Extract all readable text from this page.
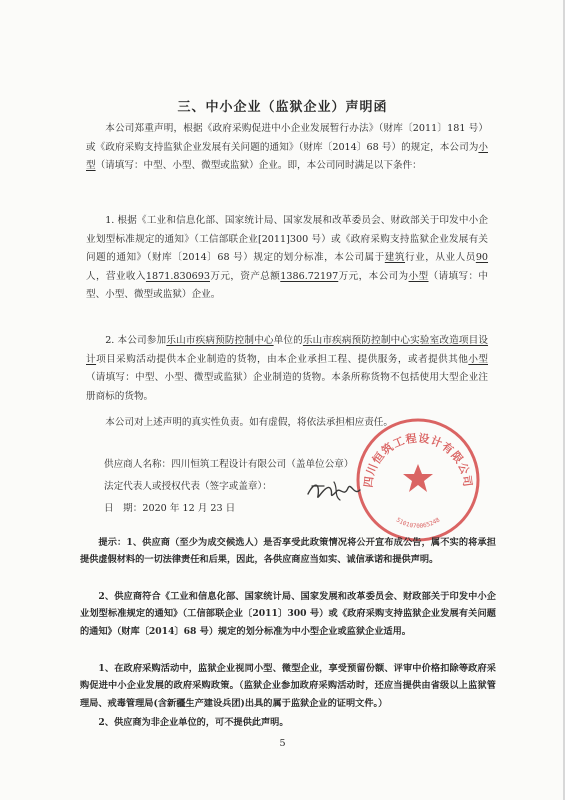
三、中小企业（监狱企业）声明函
本公司郑重声明，根据《政府采购促进中小企业发展暂行办法》（财库〔2011〕181 号）或《政府采购支持监狱企业发展有关问题的通知》（财库〔2014〕68 号）的规定，本公司为小型（请填写：中型、小型、微型或监狱）企业。即，本公司同时满足以下条件：
1. 根据《工业和信息化部、国家统计局、国家发展和改革委员会、财政部关于印发中小企业划型标准规定的通知》（工信部联企业[2011]300 号）或《政府采购支持监狱企业发展有关问题的通知》（财库〔2014〕68 号）规定的划分标准，本公司属于建筑行业，从业人员90人，营业收入1871.830693万元，资产总额1386.72197万元，本公司为小型（请填写：中型、小型、微型或监狱）企业。
2. 本公司参加乐山市疾病预防控制中心单位的乐山市疾病预防控制中心实验室改造项目设计项目采购活动提供本企业制造的货物，由本企业承担工程、提供服务，或者提供其他小型（请填写：中型、小型、微型或监狱）企业制造的货物。本条所称货物不包括使用大型企业注册商标的货物。
本公司对上述声明的真实性负责。如有虚假，将依法承担相应责任。
供应商人名称：四川恒筑工程设计有限公司（盖单位公章）
法定代表人或授权代表（签字或盖章）：
日　期：2020 年 12 月 23 日
四川恒筑工程设计有限公司
5101070065248
提示：1、供应商（至少为成交候选人）是否享受此政策情况将公开宣布成公告，属不实的将承担提供虚假材料的一切法律责任和后果，因此，各供应商应当如实、诚信承诺和提供声明。
2、供应商符合《工业和信息化部、国家统计局、国家发展和改革委员会、财政部关于印发中小企业划型标准规定的通知》（工信部联企业〔2011〕300 号）或《政府采购支持监狱企业发展有关问题的通知》（财库〔2014〕68 号）规定的划分标准为中小型企业或监狱企业适用。
1、在政府采购活动中，监狱企业视同小型、微型企业，享受预留份额、评审中价格扣除等政府采购促进中小企业发展的政府采购政策。（监狱企业参加政府采购活动时，还应当提供由省级以上监狱管理局、戒毒管理局(含新疆生产建设兵团)出具的属于监狱企业的证明文件。）
2、供应商为非企业单位的，可不提供此声明。
5
